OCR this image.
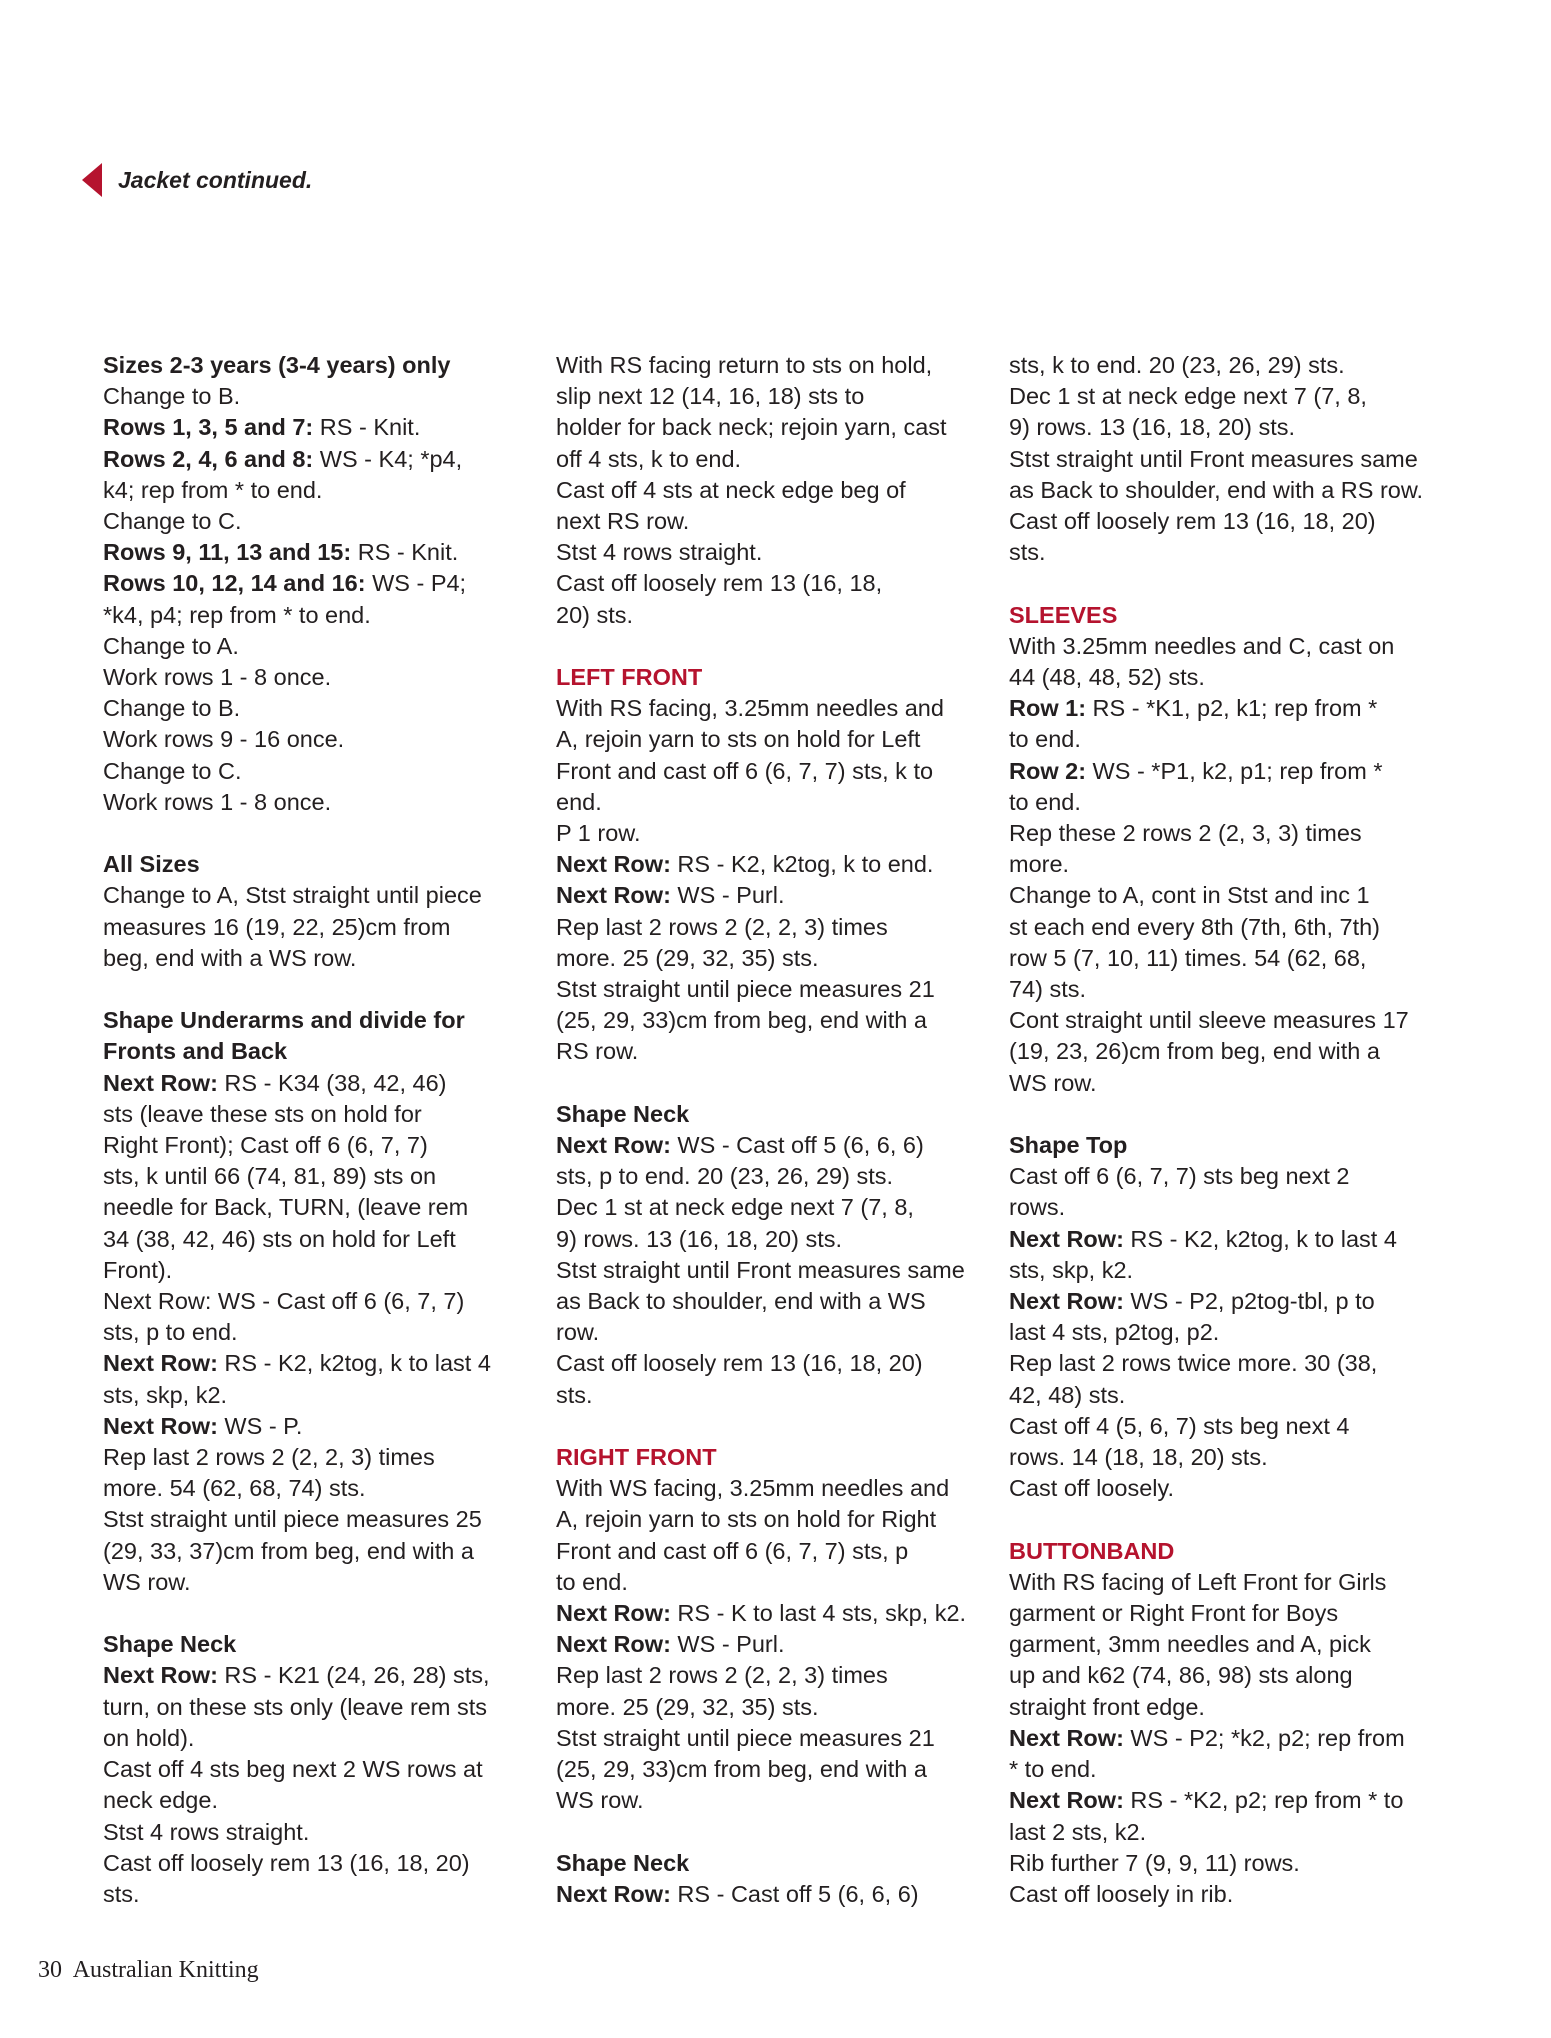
Jacket continued.
Sizes 2-3 years (3-4 years) only
Change to B.
Rows 1, 3, 5 and 7: RS - Knit.
Rows 2, 4, 6 and 8: WS - K4; *p4,
k4; rep from * to end.
Change to C.
Rows 9, 11, 13 and 15: RS - Knit.
Rows 10, 12, 14 and 16: WS - P4;
*k4, p4; rep from * to end.
Change to A.
Work rows 1 - 8 once.
Change to B.
Work rows 9 - 16 once.
Change to C.
Work rows 1 - 8 once.
All Sizes
Change to A, Stst straight until piece
measures 16 (19, 22, 25)cm from
beg, end with a WS row.
Shape Underarms and divide for
Fronts and Back
Next Row: RS - K34 (38, 42, 46)
sts (leave these sts on hold for
Right Front); Cast off 6 (6, 7, 7)
sts, k until 66 (74, 81, 89) sts on
needle for Back, TURN, (leave rem
34 (38, 42, 46) sts on hold for Left
Front).
Next Row: WS - Cast off 6 (6, 7, 7)
sts, p to end.
Next Row: RS - K2, k2tog, k to last 4
sts, skp, k2.
Next Row: WS - P.
Rep last 2 rows 2 (2, 2, 3) times
more. 54 (62, 68, 74) sts.
Stst straight until piece measures 25
(29, 33, 37)cm from beg, end with a
WS row.
Shape Neck
Next Row: RS - K21 (24, 26, 28) sts,
turn, on these sts only (leave rem sts
on hold).
Cast off 4 sts beg next 2 WS rows at
neck edge.
Stst 4 rows straight.
Cast off loosely rem 13 (16, 18, 20)
sts.
With RS facing return to sts on hold,
slip next 12 (14, 16, 18) sts to
holder for back neck; rejoin yarn, cast
off 4 sts, k to end.
Cast off 4 sts at neck edge beg of
next RS row.
Stst 4 rows straight.
Cast off loosely rem 13 (16, 18,
20) sts.
LEFT FRONT
With RS facing, 3.25mm needles and
A, rejoin yarn to sts on hold for Left
Front and cast off 6 (6, 7, 7) sts, k to
end.
P 1 row.
Next Row: RS - K2, k2tog, k to end.
Next Row: WS - Purl.
Rep last 2 rows 2 (2, 2, 3) times
more. 25 (29, 32, 35) sts.
Stst straight until piece measures 21
(25, 29, 33)cm from beg, end with a
RS row.
Shape Neck
Next Row: WS - Cast off 5 (6, 6, 6)
sts, p to end. 20 (23, 26, 29) sts.
Dec 1 st at neck edge next 7 (7, 8,
9) rows. 13 (16, 18, 20) sts.
Stst straight until Front measures same
as Back to shoulder, end with a WS
row.
Cast off loosely rem 13 (16, 18, 20)
sts.
RIGHT FRONT
With WS facing, 3.25mm needles and
A, rejoin yarn to sts on hold for Right
Front and cast off 6 (6, 7, 7) sts, p
to end.
Next Row: RS - K to last 4 sts, skp, k2.
Next Row: WS - Purl.
Rep last 2 rows 2 (2, 2, 3) times
more. 25 (29, 32, 35) sts.
Stst straight until piece measures 21
(25, 29, 33)cm from beg, end with a
WS row.
Shape Neck
Next Row: RS - Cast off 5 (6, 6, 6)
sts, k to end. 20 (23, 26, 29) sts.
Dec 1 st at neck edge next 7 (7, 8,
9) rows. 13 (16, 18, 20) sts.
Stst straight until Front measures same
as Back to shoulder, end with a RS row.
Cast off loosely rem 13 (16, 18, 20)
sts.
SLEEVES
With 3.25mm needles and C, cast on
44 (48, 48, 52) sts.
Row 1: RS - *K1, p2, k1; rep from *
to end.
Row 2: WS - *P1, k2, p1; rep from *
to end.
Rep these 2 rows 2 (2, 3, 3) times
more.
Change to A, cont in Stst and inc 1
st each end every 8th (7th, 6th, 7th)
row 5 (7, 10, 11) times. 54 (62, 68,
74) sts.
Cont straight until sleeve measures 17
(19, 23, 26)cm from beg, end with a
WS row.
Shape Top
Cast off 6 (6, 7, 7) sts beg next 2
rows.
Next Row: RS - K2, k2tog, k to last 4
sts, skp, k2.
Next Row: WS - P2, p2tog-tbl, p to
last 4 sts, p2tog, p2.
Rep last 2 rows twice more. 30 (38,
42, 48) sts.
Cast off 4 (5, 6, 7) sts beg next 4
rows. 14 (18, 18, 20) sts.
Cast off loosely.
BUTTONBAND
With RS facing of Left Front for Girls
garment or Right Front for Boys
garment, 3mm needles and A, pick
up and k62 (74, 86, 98) sts along
straight front edge.
Next Row: WS - P2; *k2, p2; rep from
* to end.
Next Row: RS - *K2, p2; rep from * to
last 2 sts, k2.
Rib further 7 (9, 9, 11) rows.
Cast off loosely in rib.
30 Australian Knitting
